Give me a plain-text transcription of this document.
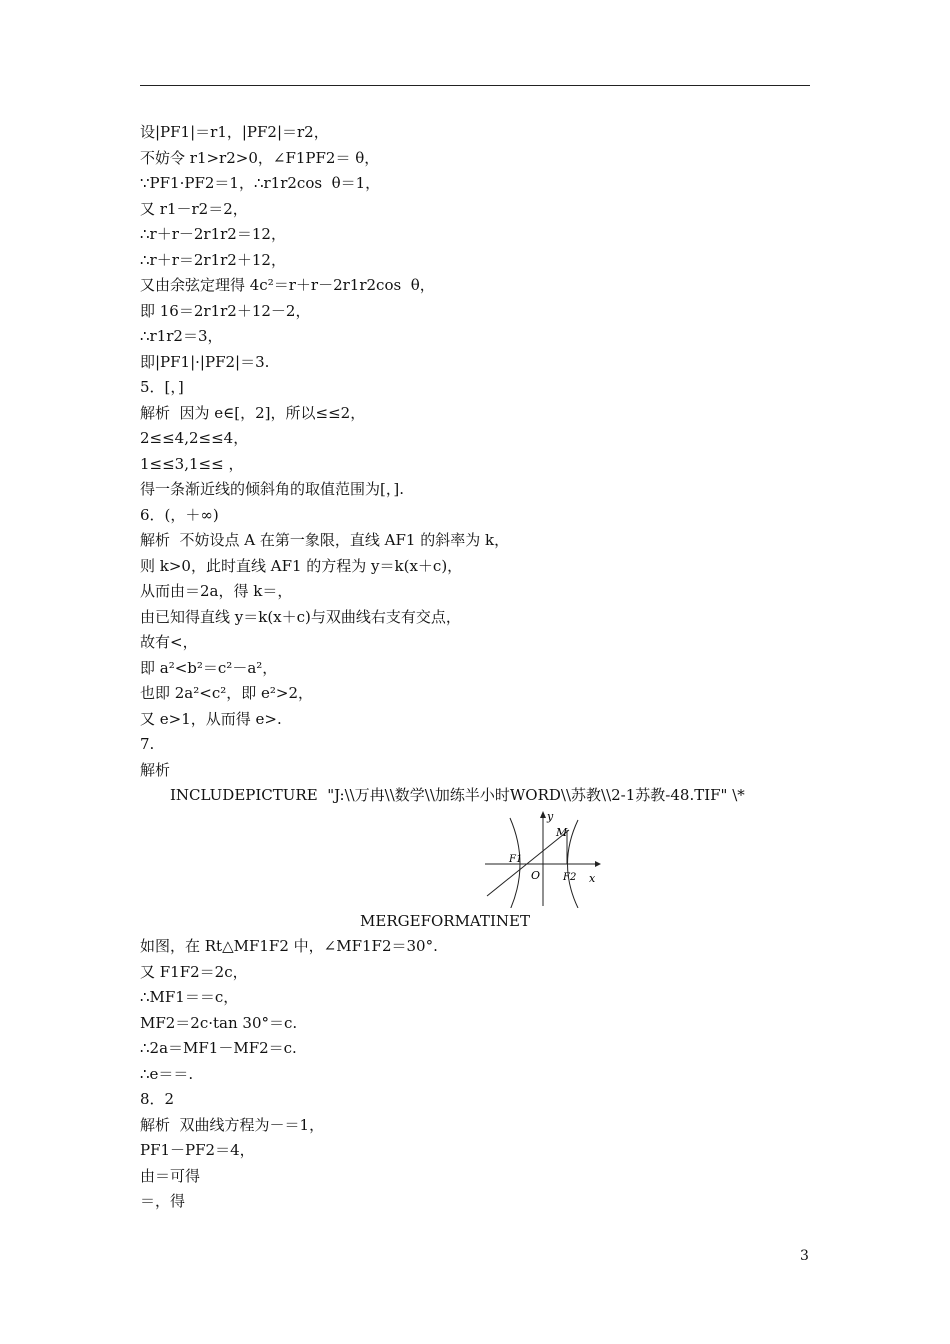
设|PF1|＝r1，|PF2|＝r2，
不妨令 r1>r2>0，∠F1PF2＝ θ，
∵PF1·PF2＝1，∴r1r2cos  θ＝1，
又 r1－r2＝2，
∴r＋r－2r1r2＝12，
∴r＋r＝2r1r2＋12，
又由余弦定理得 4c²＝r＋r－2r1r2cos  θ，
即 16＝2r1r2＋12－2，
∴r1r2＝3，
即|PF1|·|PF2|＝3.
5．[，]
解析  因为 e∈[，2]，所以≤≤2，
2≤≤4,2≤≤4，
1≤≤3,1≤≤ ，
得一条渐近线的倾斜角的取值范围为[，].
6．(，＋∞)
解析  不妨设点 A 在第一象限，直线 AF1 的斜率为 k，
则 k>0，此时直线 AF1 的方程为 y＝k(x＋c)，
从而由＝2a，得 k＝，
由已知得直线 y＝k(x＋c)与双曲线右支有交点，
故有<，
即 a²<b²＝c²－a²，
也即 2a²<c²，即 e²>2，
又 e>1，从而得 e>.
7.
解析
INCLUDEPICTURE  "J:\\万冉\\数学\\加练半小时WORD\\苏教\\2-1苏教-48.TIF" \*
y
x
M
F1
O F2
MERGEFORMATINET
如图，在 Rt△MF1F2 中，∠MF1F2＝30°.
又 F1F2＝2c，
∴MF1＝＝c，
MF2＝2c·tan 30°＝c.
∴2a＝MF1－MF2＝c.
∴e＝＝.
8．2
解析  双曲线方程为－＝1，
PF1－PF2＝4，
由＝可得
＝，得
3
